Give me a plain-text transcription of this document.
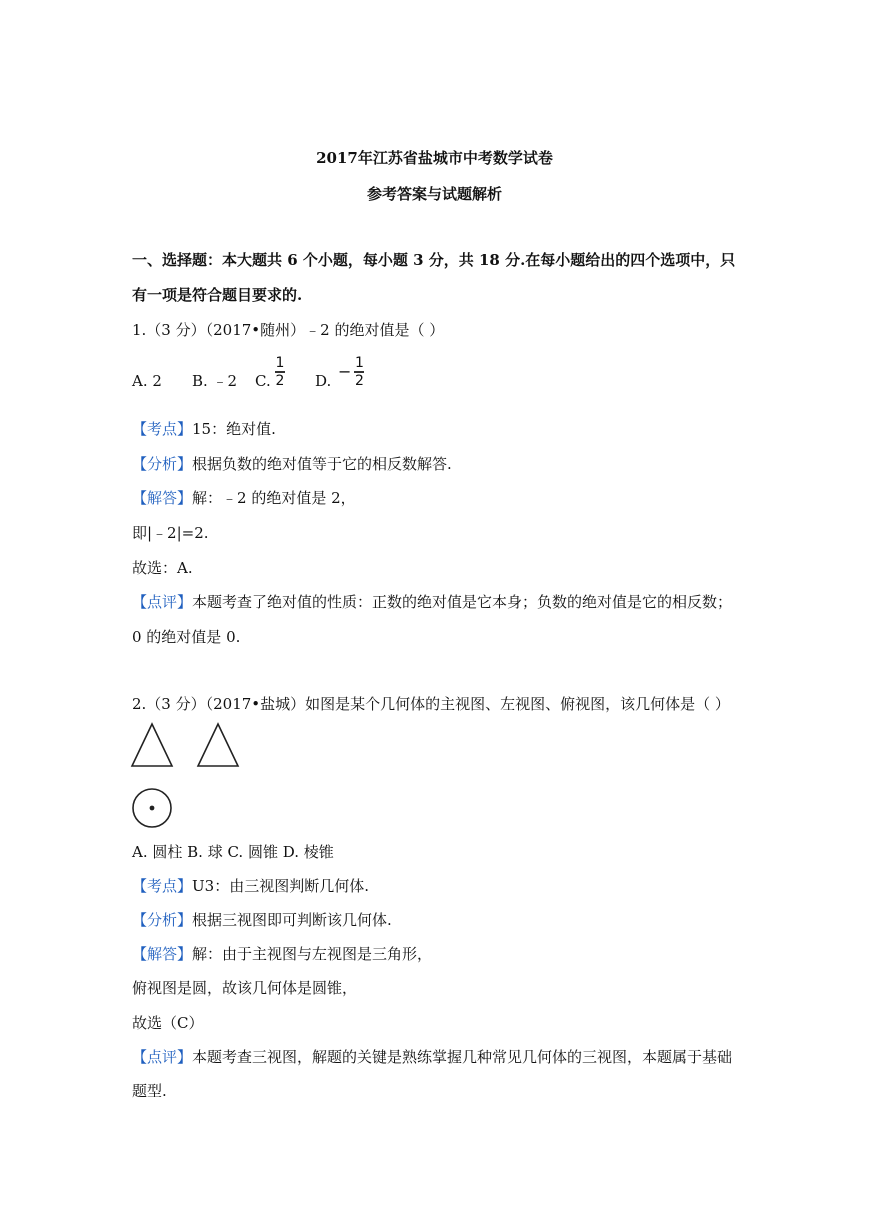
2017年江苏省盐城市中考数学试卷
参考答案与试题解析
一、选择题：本大题共 6 个小题，每小题 3 分，共 18 分.在每小题给出的四个选项中，只
有一项是符合题目要求的.
1.（3 分）（2017•随州）﹣2 的绝对值是（ ）
A. 2 B. ﹣2 C. $\frac{1}{2} D$. − $\frac{1}{2}$
【考点】15：绝对值.
【分析】根据负数的绝对值等于它的相反数解答.
【解答】解：﹣2 的绝对值是 2，
即|﹣2|=2.
故选：A.
【点评】本题考查了绝对值的性质：正数的绝对值是它本身；负数的绝对值是它的相反数；
0 的绝对值是 0.
2.（3 分）（2017•盐城）如图是某个几何体的主视图、左视图、俯视图，该几何体是（ ）
A. 圆柱 B. 球 C. 圆锥 D. 棱锥
【考点】U3：由三视图判断几何体.
【分析】根据三视图即可判断该几何体.
【解答】解：由于主视图与左视图是三角形，
俯视图是圆，故该几何体是圆锥，
故选（C）
【点评】本题考查三视图，解题的关键是熟练掌握几种常见几何体的三视图，本题属于基础
题型.
